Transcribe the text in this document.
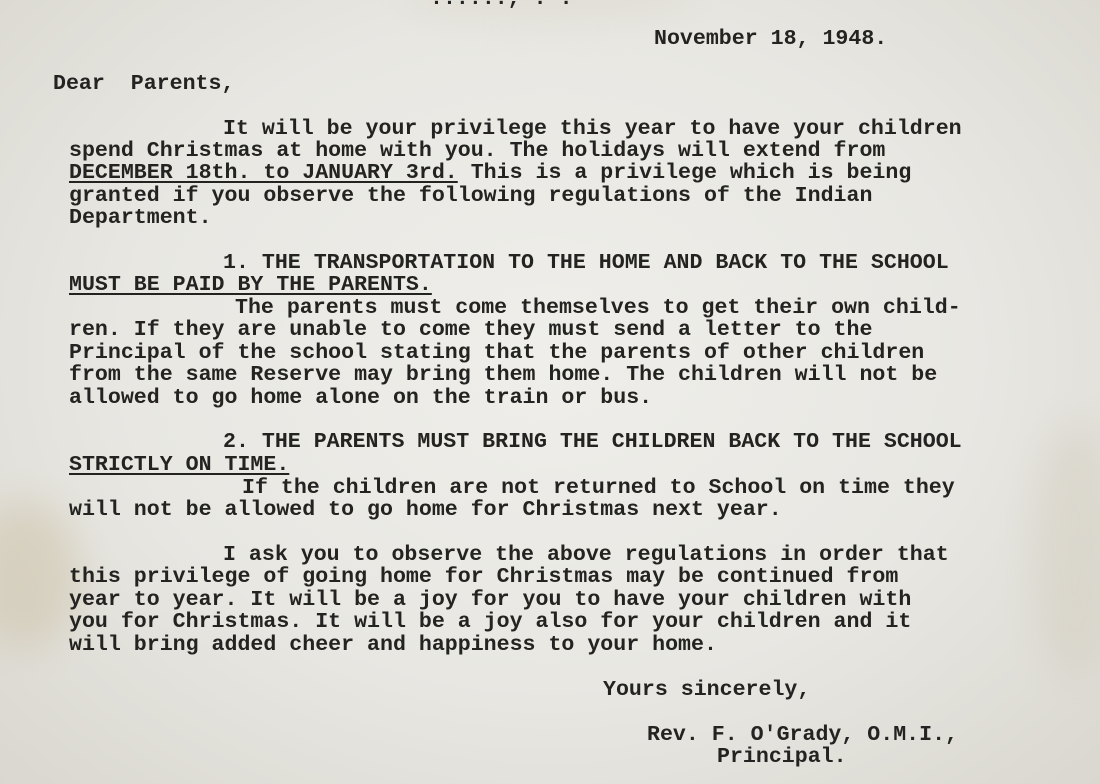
November 18, 1948.
Dear  Parents,
It will be your privilege this year to have your children
spend Christmas at home with you. The holidays will extend from
DECEMBER 18th. to JANUARY 3rd. This is a privilege which is being
granted if you observe the following regulations of the Indian
Department.
1. THE TRANSPORTATION TO THE HOME AND BACK TO THE SCHOOL
MUST BE PAID BY THE PARENTS.
The parents must come themselves to get their own child-
ren. If they are unable to come they must send a letter to the
Principal of the school stating that the parents of other children
from the same Reserve may bring them home. The children will not be
allowed to go home alone on the train or bus.
2. THE PARENTS MUST BRING THE CHILDREN BACK TO THE SCHOOL
STRICTLY ON TIME.
If the children are not returned to School on time they
will not be allowed to go home for Christmas next year.
I ask you to observe the above regulations in order that
this privilege of going home for Christmas may be continued from
year to year. It will be a joy for you to have your children with
you for Christmas. It will be a joy also for your children and it
will bring added cheer and happiness to your home.
Yours sincerely,
Rev. F. O'Grady, O.M.I.,
Principal.
